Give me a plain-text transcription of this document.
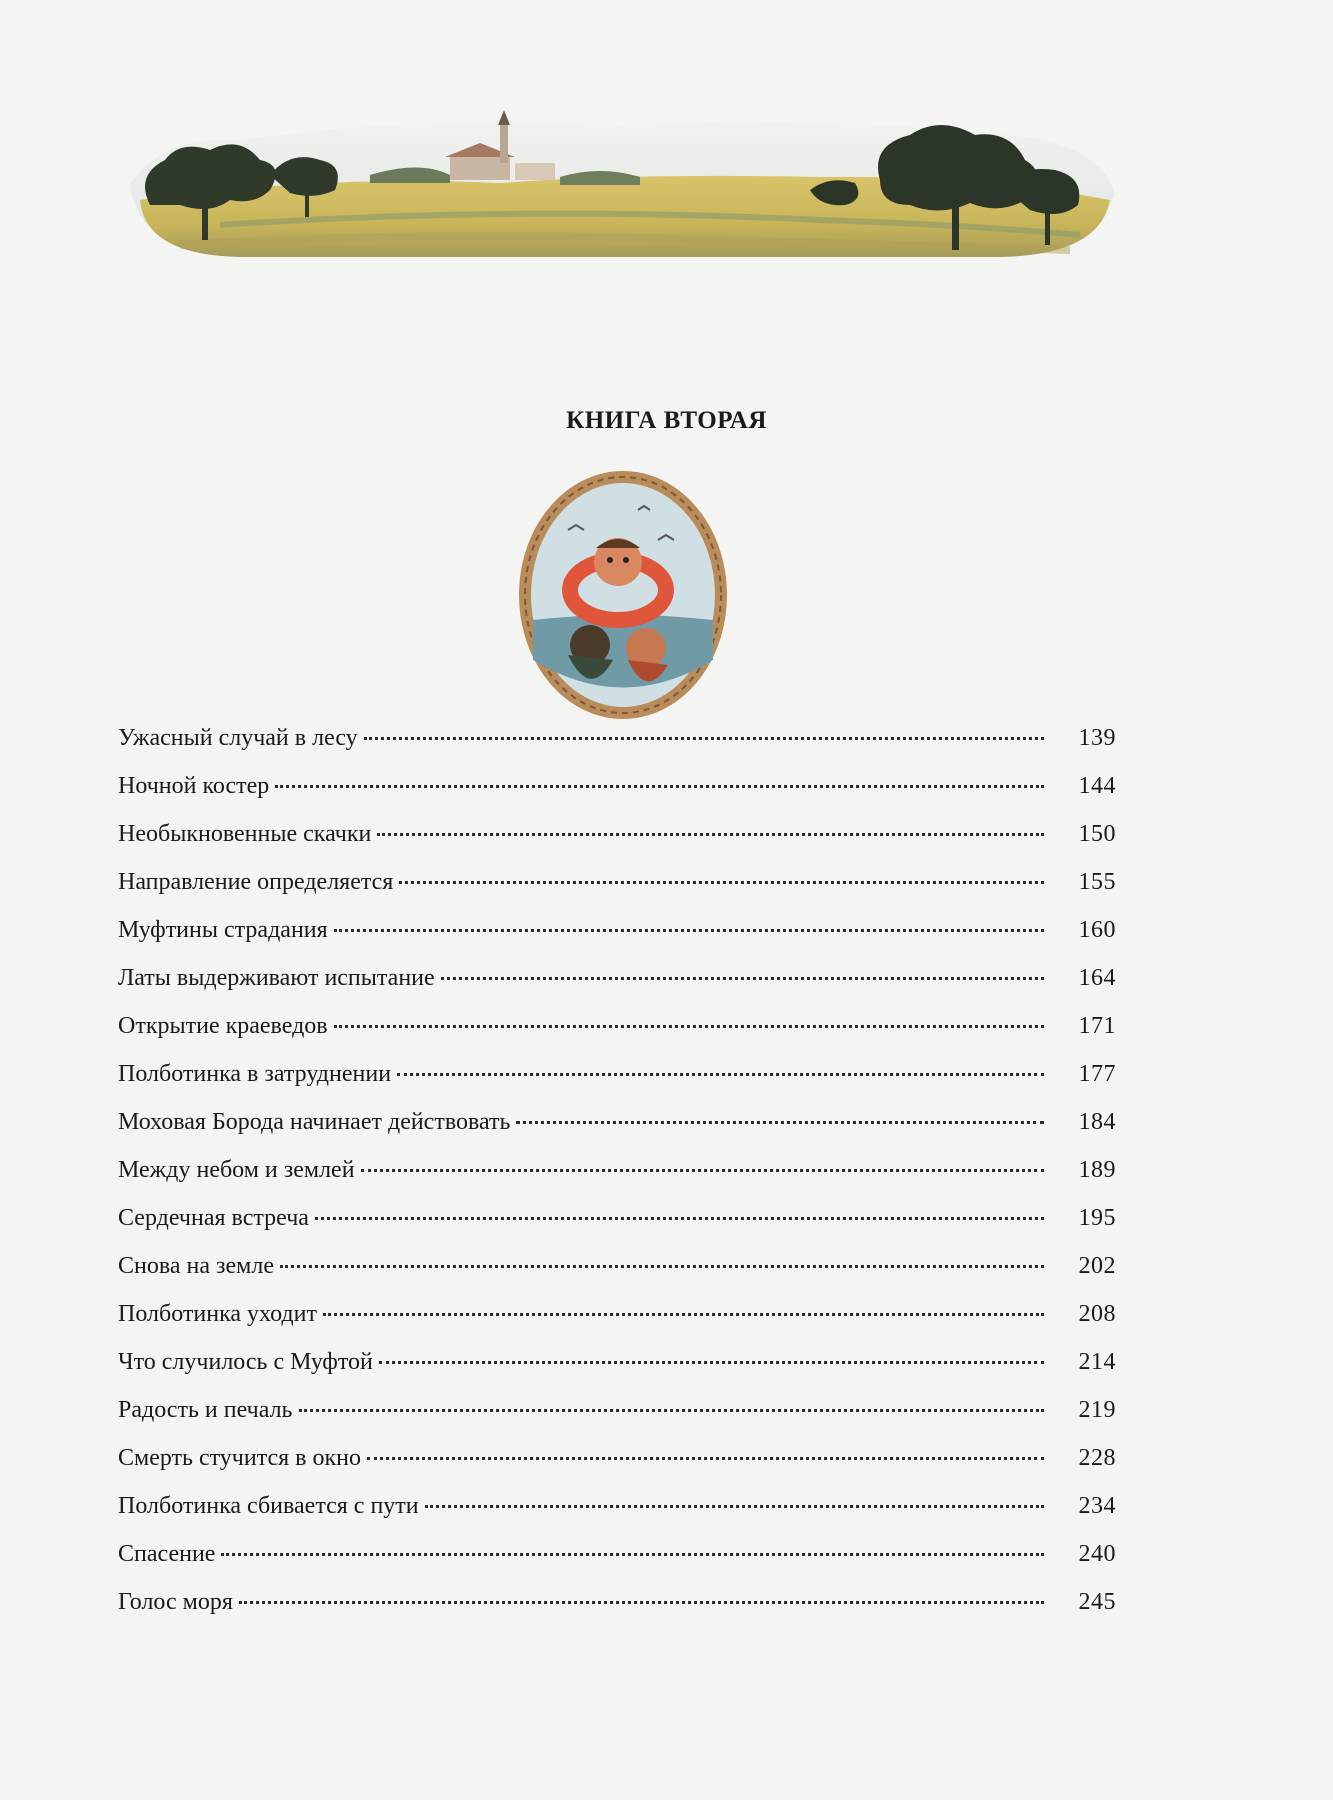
КНИГА ВТОРАЯ
Ужасный случай в лесу	139
Ночной костер	144
Необыкновенные скачки	150
Направление определяется	155
Муфтины страдания	160
Латы выдерживают испытание	164
Открытие краеведов	171
Полботинка в затруднении	177
Моховая Борода начинает действовать	184
Между небом и землей	189
Сердечная встреча	195
Снова на земле	202
Полботинка уходит	208
Что случилось с Муфтой	214
Радость и печаль	219
Смерть стучится в окно	228
Полботинка сбивается с пути	234
Спасение	240
Голос моря	245
